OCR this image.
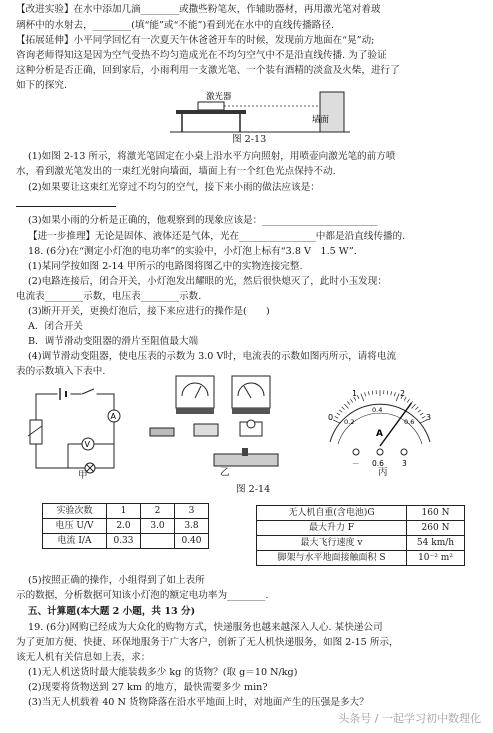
【改进实验】在水中添加几滴________或撒些粉笔灰，作辅助器材，再用激光笔对着玻
璃杯中的水射去，________(填“能”或“不能”)看到光在水中的直线传播路径.
【拓展延伸】小平同学回忆有一次夏天午休爸爸开车的时候，发现前方地面在“晃”动;
咨询老师得知这是因为空气受热不均匀造成光在不均匀空气中不是沿直线传播. 为了验证
这种分析是否正确，回到家后，小雨利用一支激光笔、一个装有酒精的淡盒及火柴，进行了
如下的探究.
激光器
墙面
图 2-13
(1)如图 2-13 所示，将激光笔固定在小桌上沿水平方向照射，用喷壶向激光笔的前方喷
水，看到激光笔发出的一束红光射向墙面，墙面上有一个红色光点保持不动.
(2)如果要让这束红光穿过不均匀的空气，接下来小雨的做法应该是：
(3)如果小雨的分析是正确的，他观察到的现象应该是：________________________
【进一步推理】无论是固体、液体还是气体，光在________________中都是沿直线传播的.
18. (6分)在“测定小灯泡的电功率”的实验中，小灯泡上标有“3.8 V　1.5 W”.
(1)某同学按如图 2-14 甲所示的电路图将图乙中的实物连接完整.
(2)电路连接后，闭合开关，小灯泡发出耀眼的光，然后很快熄灭了，此时小玉发现：
电流表________示数，电压表________示数.
(3)断开开关，更换灯泡后，接下来应进行的操作是(　　)
A．闭合开关
B．调节滑动变阻器的滑片至阻值最大端
(4)调节滑动变阻器，使电压表的示数为 3.0 V时，电流表的示数如图丙所示，请将电流
表的示数填入下表中.
A
V
甲	乙
0
1	2
3
0.2
0.4
0.6
A
－ 0.6 3
丙
图 2-14
实验次数	1	2	3
电压 U/V	2.0	3.0	3.8
电流 I/A	0.33		0.40
无人机自重(含电池)G	160 N
最大升力 F	260 N
最大飞行速度 v	54 km/h
脚架与水平地面接触面积 S	10⁻² m²
(5)按照正确的操作，小组得到了如上表所
示的数据，分析数据可知该小灯泡的额定电功率为________.
五、计算题(本大题 2 小题，共 13 分)
19. (6分)网购已经成为大众化的购物方式，快递服务也越来越深入人心. 某快递公司
为了更加方便、快捷、环保地服务于广大客户，创新了无人机快递服务，如图 2-15 所示，
该无人机有关信息如上表，求：
(1)无人机送货时最大能装载多少 kg 的货物？(取 g＝10 N/kg)
(2)现要将货物送到 27 km 的地方，最快需要多少 min?
(3)当无人机载着 40 N 货物降落在沿水平地面上时，对地面产生的压强是多大？
头条号 / 一起学习初中数理化
